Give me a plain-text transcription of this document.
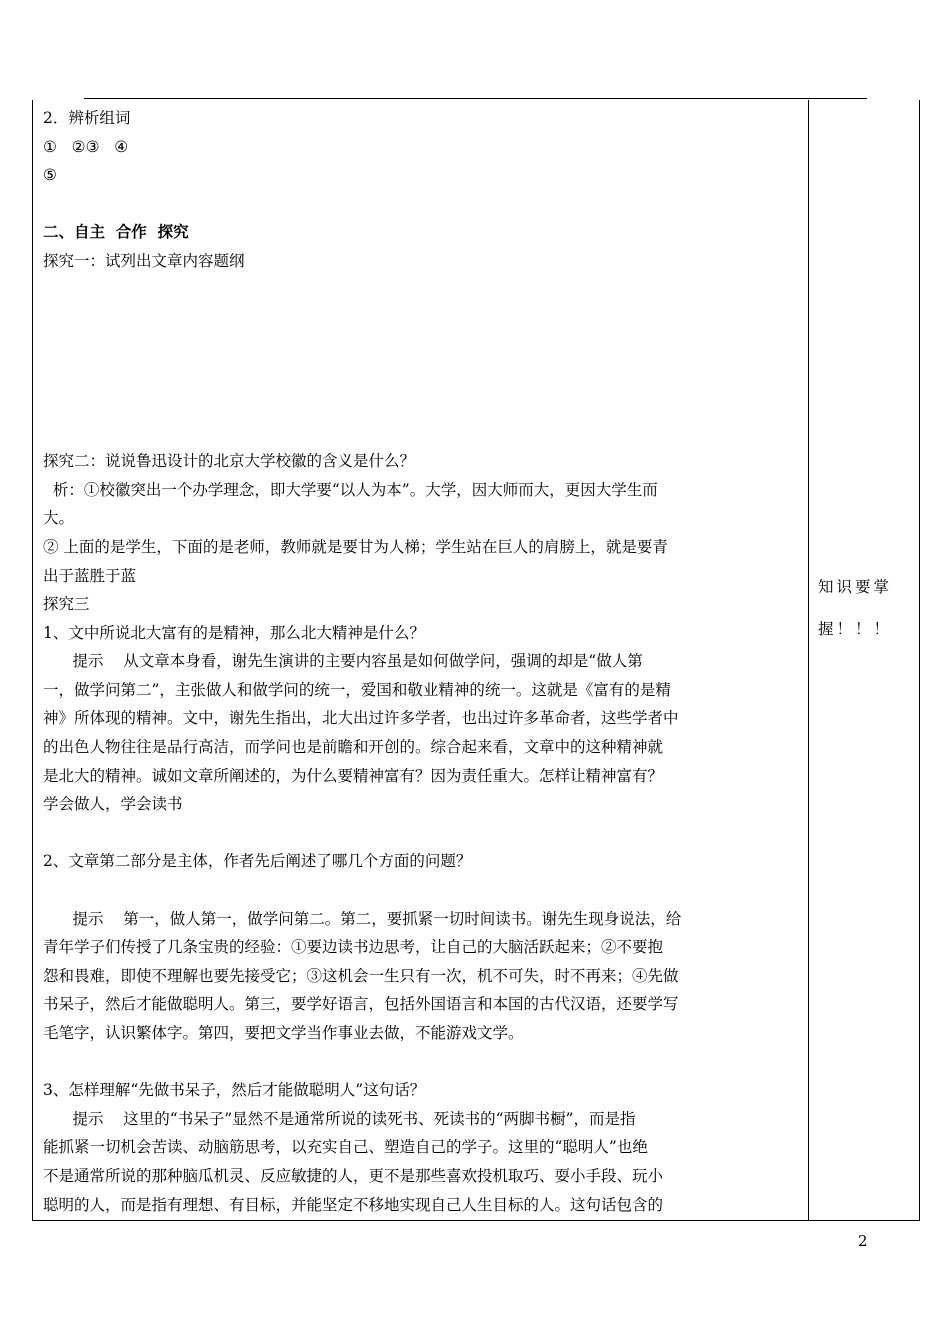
2．辨析组词
①   ②③   ④
⑤
二、自主  合作  探究
探究一：试列出文章内容题纲
探究二：说说鲁迅设计的北京大学校徽的含义是什么？
析：①校徽突出一个办学理念，即大学要“以人为本”。大学，因大师而大，更因大学生而
大。
② 上面的是学生，下面的是老师，教师就是要甘为人梯；学生站在巨人的肩膀上，就是要青
出于蓝胜于蓝
探究三
1、文中所说北大富有的是精神，那么北大精神是什么？
提示    从文章本身看，谢先生演讲的主要内容虽是如何做学问，强调的却是“做人第
一，做学问第二”，主张做人和做学问的统一，爱国和敬业精神的统一。这就是《富有的是精
神》所体现的精神。文中，谢先生指出，北大出过许多学者，也出过许多革命者，这些学者中
的出色人物往往是品行高洁，而学问也是前瞻和开创的。综合起来看，文章中的这种精神就
是北大的精神。诚如文章所阐述的，为什么要精神富有？因为责任重大。怎样让精神富有？
学会做人，学会读书
2、文章第二部分是主体，作者先后阐述了哪几个方面的问题？
提示    第一，做人第一，做学问第二。第二，要抓紧一切时间读书。谢先生现身说法，给
青年学子们传授了几条宝贵的经验：①要边读书边思考，让自己的大脑活跃起来；②不要抱
怨和畏难，即使不理解也要先接受它；③这机会一生只有一次，机不可失，时不再来；④先做
书呆子，然后才能做聪明人。第三，要学好语言，包括外国语言和本国的古代汉语，还要学写
毛笔字，认识繁体字。第四，要把文学当作事业去做，不能游戏文学。
3、怎样理解“先做书呆子，然后才能做聪明人”这句话？
提示    这里的“书呆子”显然不是通常所说的读死书、死读书的“两脚书橱”，而是指
能抓紧一切机会苦读、动脑筋思考，以充实自己、塑造自己的学子。这里的“聪明人”也绝
不是通常所说的那种脑瓜机灵、反应敏捷的人，更不是那些喜欢投机取巧、耍小手段、玩小
聪明的人，而是指有理想、有目标，并能坚定不移地实现自己人生目标的人。这句话包含的
知识要掌
握！！！
2
